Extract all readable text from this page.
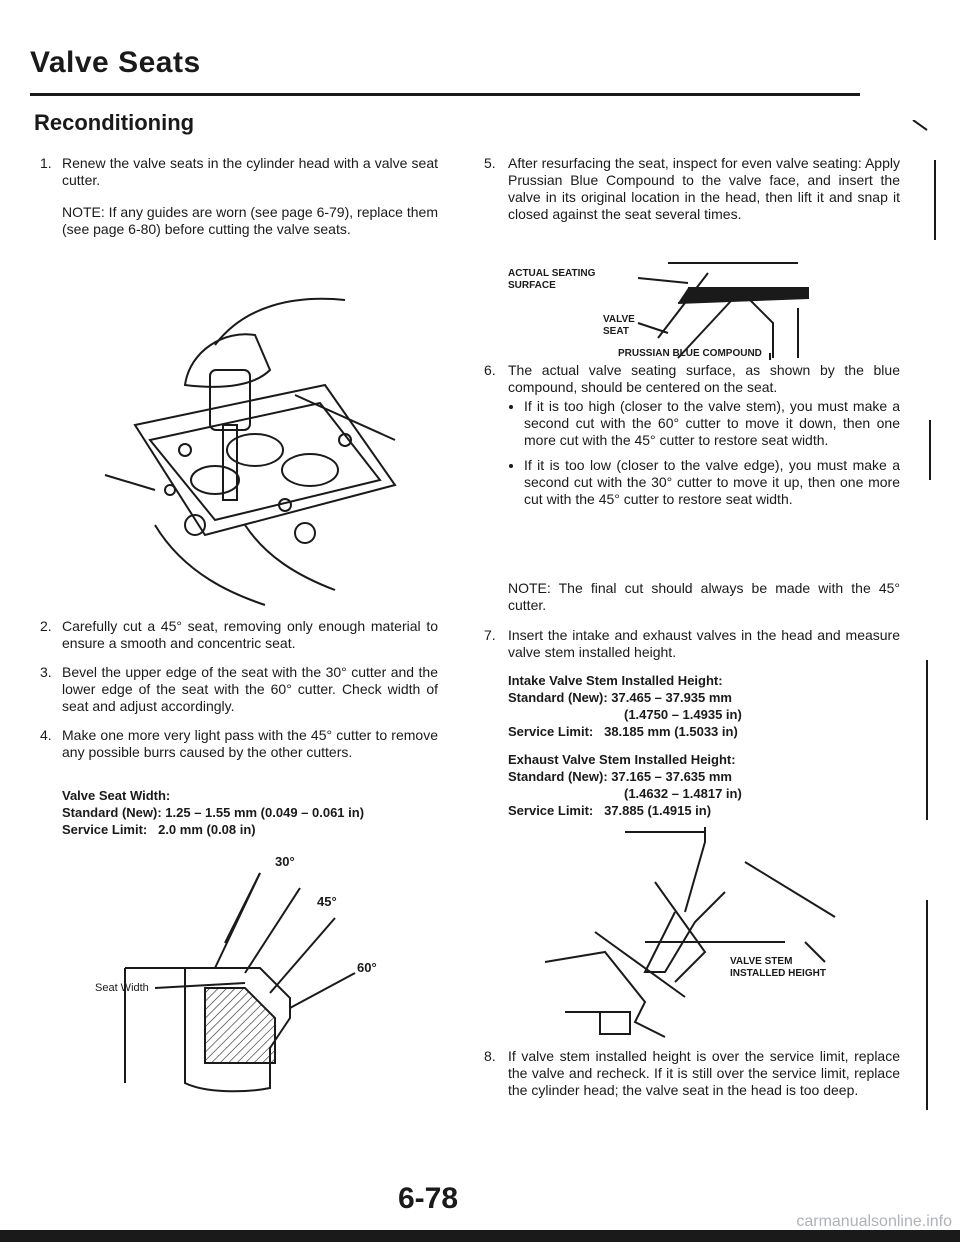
Valve Seats
Reconditioning
1. Renew the valve seats in the cylinder head with a valve seat cutter.
NOTE: If any guides are worn (see page 6-79), replace them (see page 6-80) before cutting the valve seats.
2. Carefully cut a 45° seat, removing only enough material to ensure a smooth and concentric seat.
3. Bevel the upper edge of the seat with the 30° cutter and the lower edge of the seat with the 60° cutter. Check width of seat and adjust accordingly.
4. Make one more very light pass with the 45° cutter to remove any possible burrs caused by the other cutters.
Valve Seat Width:
Standard (New): 1.25 – 1.55 mm (0.049 – 0.061 in)
Service Limit:   2.0 mm (0.08 in)
30°
45°
60°
Seat Width
5. After resurfacing the seat, inspect for even valve seating: Apply Prussian Blue Compound to the valve face, and insert the valve in its original location in the head, then lift it and snap it closed against the seat several times.
ACTUAL SEATING
SURFACE
VALVE
SEAT
PRUSSIAN BLUE COMPOUND
6. The actual valve seating surface, as shown by the blue compound, should be centered on the seat.
• If it is too high (closer to the valve stem), you must make a second cut with the 60° cutter to move it down, then one more cut with the 45° cutter to restore seat width.
• If it is too low (closer to the valve edge), you must make a second cut with the 30° cutter to move it up, then one more cut with the 45° cutter to restore seat width.
NOTE: The final cut should always be made with the 45° cutter.
7. Insert the intake and exhaust valves in the head and measure valve stem installed height.
Intake Valve Stem Installed Height:
Standard (New): 37.465 – 37.935 mm
(1.4750 – 1.4935 in)
Service Limit:   38.185 mm (1.5033 in)
Exhaust Valve Stem Installed Height:
Standard (New): 37.165 – 37.635 mm
(1.4632 – 1.4817 in)
Service Limit:   37.885 (1.4915 in)
VALVE STEM
INSTALLED HEIGHT
8. If valve stem installed height is over the service limit, replace the valve and recheck. If it is still over the service limit, replace the cylinder head; the valve seat in the head is too deep.
6-78
carmanualsonline.info
